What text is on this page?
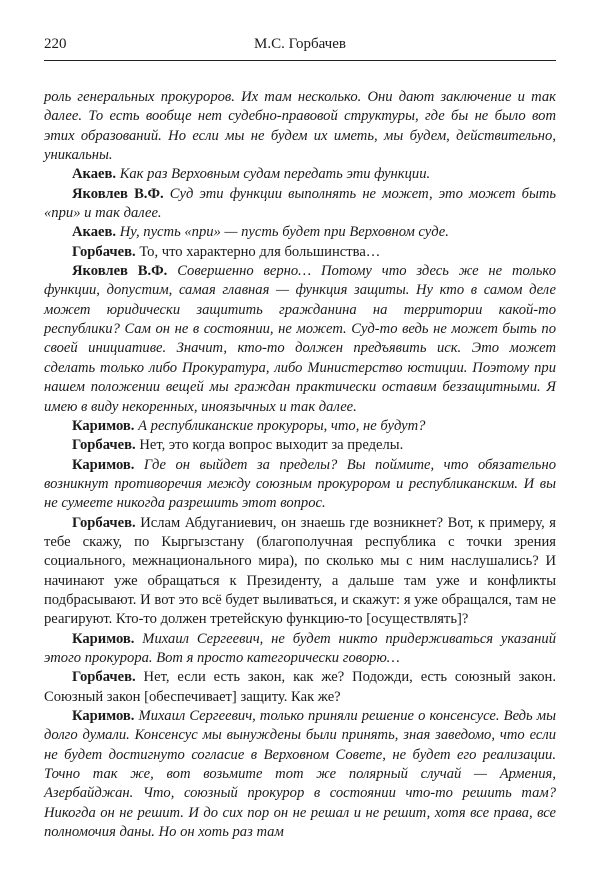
220	М.С. Горбачев

роль генеральных прокуроров. Их там несколько. Они дают заключение и так далее. То есть вообще нет судебно-правовой структуры, где бы не было вот этих образований. Но если мы не будем их иметь, мы будем, действительно, уникальны.

Акаев. Как раз Верховным судам передать эти функции.

Яковлев В.Ф. Суд эти функции выполнять не может, это может быть «при» и так далее.

Акаев. Ну, пусть «при» — пусть будет при Верховном суде.

Горбачев. То, что характерно для большинства…

Яковлев В.Ф. Совершенно верно… Потому что здесь же не только функции, допустим, самая главная — функция защиты. Ну кто в самом деле может юридически защитить гражданина на территории какой-то республики? Сам он не в состоянии, не может. Суд-то ведь не может быть по своей инициативе. Значит, кто-то должен предъявить иск. Это может сделать только либо Прокуратура, либо Министерство юстиции. Поэтому при нашем положении вещей мы граждан практически оставим беззащитными. Я имею в виду некоренных, иноязычных и так далее.

Каримов. А республиканские прокуроры, что, не будут?

Горбачев. Нет, это когда вопрос выходит за пределы.

Каримов. Где он выйдет за пределы? Вы поймите, что обязательно возникнут противоречия между союзным прокурором и республиканским. И вы не сумеете никогда разрешить этот вопрос.

Горбачев. Ислам Абдуганиевич, он знаешь где возникнет? Вот, к примеру, я тебе скажу, по Кыргызстану (благополучная республика с точки зрения социального, межнационального мира), по сколько мы с ним наслушались? И начинают уже обращаться к Президенту, а дальше там уже и конфликты подбрасывают. И вот это всё будет выливаться, и скажут: я уже обращался, там не реагируют. Кто-то должен третейскую функцию-то [осуществлять]?

Каримов. Михаил Сергеевич, не будет никто придерживаться указаний этого прокурора. Вот я просто категорически говорю…

Горбачев. Нет, если есть закон, как же? Подожди, есть союзный закон. Союзный закон [обеспечивает] защиту. Как же?

Каримов. Михаил Сергеевич, только приняли решение о консенсусе. Ведь мы долго думали. Консенсус мы вынуждены были принять, зная заведомо, что если не будет достигнуто согласие в Верховном Совете, не будет его реализации. Точно так же, вот возьмите тот же полярный случай — Армения, Азербайджан. Что, союзный прокурор в состоянии что-то решить там? Никогда он не решит. И до сих пор он не решал и не решит, хотя все права, все полномочия даны. Но он хоть раз там
